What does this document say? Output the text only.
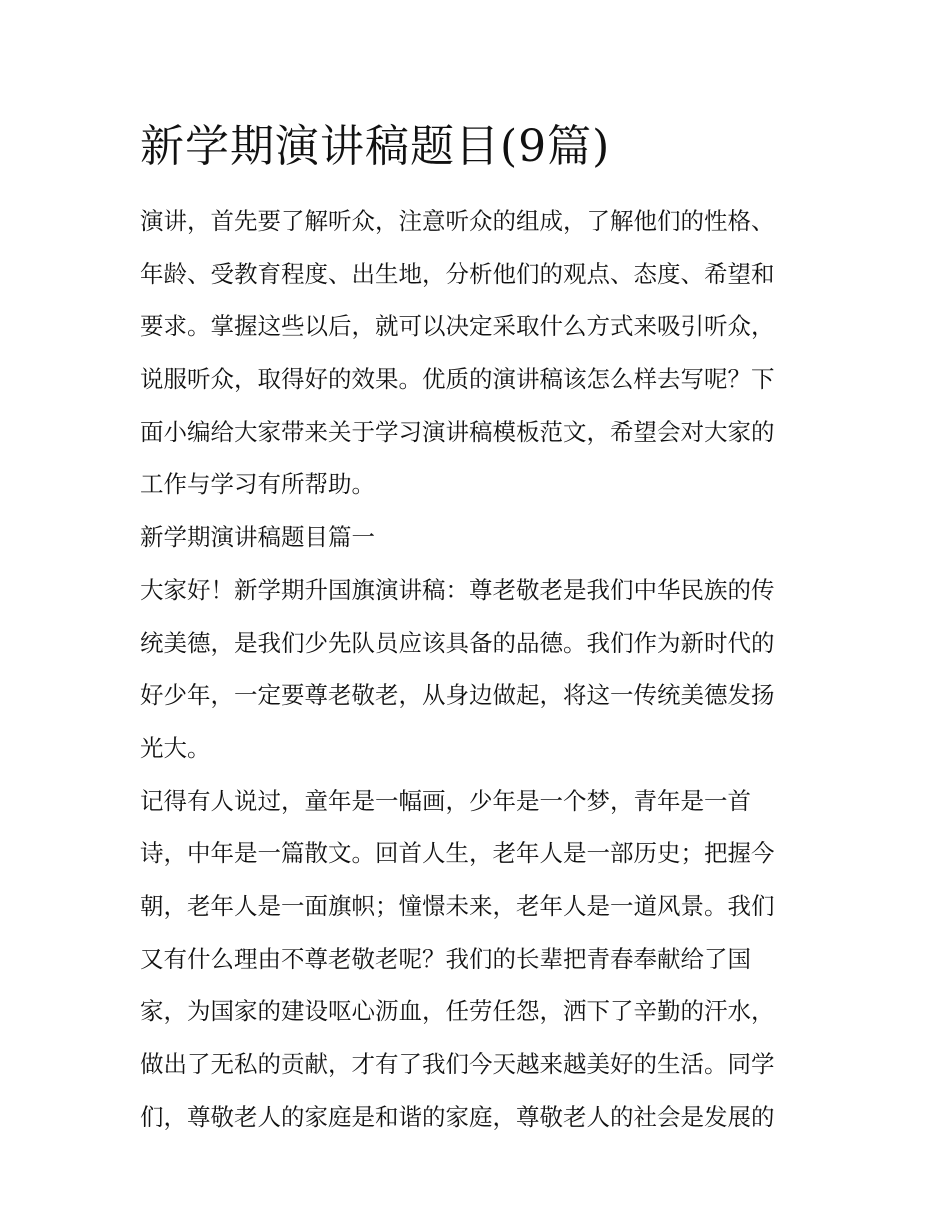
新学期演讲稿题目(9篇)
演讲，首先要了解听众，注意听众的组成，了解他们的性格、
年龄、受教育程度、出生地，分析他们的观点、态度、希望和
要求。掌握这些以后，就可以决定采取什么方式来吸引听众，
说服听众，取得好的效果。优质的演讲稿该怎么样去写呢？下
面小编给大家带来关于学习演讲稿模板范文，希望会对大家的
工作与学习有所帮助。
新学期演讲稿题目篇一
大家好！新学期升国旗演讲稿：尊老敬老是我们中华民族的传
统美德，是我们少先队员应该具备的品德。我们作为新时代的
好少年，一定要尊老敬老，从身边做起，将这一传统美德发扬
光大。
记得有人说过，童年是一幅画，少年是一个梦，青年是一首
诗，中年是一篇散文。回首人生，老年人是一部历史；把握今
朝，老年人是一面旗帜；憧憬未来，老年人是一道风景。我们
又有什么理由不尊老敬老呢？我们的长辈把青春奉献给了国
家，为国家的建设呕心沥血，任劳任怨，洒下了辛勤的汗水，
做出了无私的贡献，才有了我们今天越来越美好的生活。同学
们，尊敬老人的家庭是和谐的家庭，尊敬老人的社会是发展的
